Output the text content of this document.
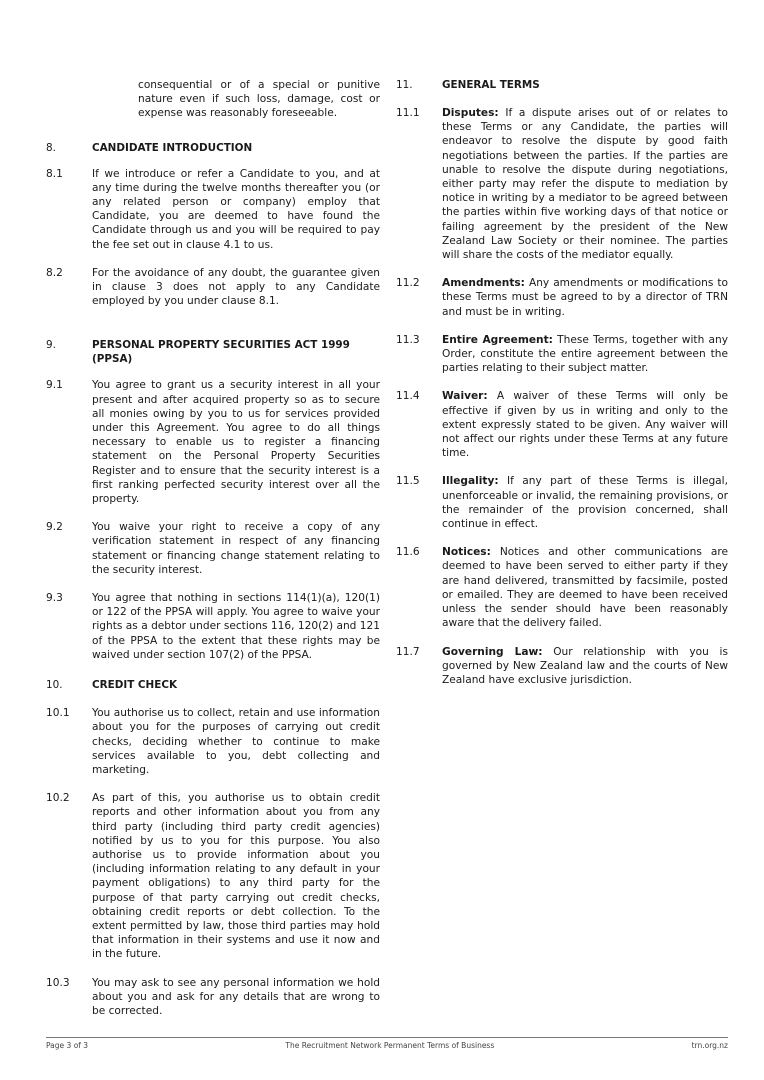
consequential or of a special or punitive nature even if such loss, damage, cost or expense was reasonably foreseeable.
8.	CANDIDATE INTRODUCTION
8.1	If we introduce or refer a Candidate to you, and at any time during the twelve months thereafter you (or any related person or company) employ that Candidate, you are deemed to have found the Candidate through us and you will be required to pay the fee set out in clause 4.1 to us.
8.2	For the avoidance of any doubt, the guarantee given in clause 3 does not apply to any Candidate employed by you under clause 8.1.
9.	PERSONAL PROPERTY SECURITIES ACT 1999 (PPSA)
9.1	You agree to grant us a security interest in all your present and after acquired property so as to secure all monies owing by you to us for services provided under this Agreement. You agree to do all things necessary to enable us to register a financing statement on the Personal Property Securities Register and to ensure that the security interest is a first ranking perfected security interest over all the property.
9.2	You waive your right to receive a copy of any verification statement in respect of any financing statement or financing change statement relating to the security interest.
9.3	You agree that nothing in sections 114(1)(a), 120(1) or 122 of the PPSA will apply. You agree to waive your rights as a debtor under sections 116, 120(2) and 121 of the PPSA to the extent that these rights may be waived under section 107(2) of the PPSA.
10.	CREDIT CHECK
10.1	You authorise us to collect, retain and use information about you for the purposes of carrying out credit checks, deciding whether to continue to make services available to you, debt collecting and marketing.
10.2	As part of this, you authorise us to obtain credit reports and other information about you from any third party (including third party credit agencies) notified by us to you for this purpose. You also authorise us to provide information about you (including information relating to any default in your payment obligations) to any third party for the purpose of that party carrying out credit checks, obtaining credit reports or debt collection. To the extent permitted by law, those third parties may hold that information in their systems and use it now and in the future.
10.3	You may ask to see any personal information we hold about you and ask for any details that are wrong to be corrected.
11.	GENERAL TERMS
11.1	Disputes: If a dispute arises out of or relates to these Terms or any Candidate, the parties will endeavor to resolve the dispute by good faith negotiations between the parties. If the parties are unable to resolve the dispute during negotiations, either party may refer the dispute to mediation by notice in writing by a mediator to be agreed between the parties within five working days of that notice or failing agreement by the president of the New Zealand Law Society or their nominee. The parties will share the costs of the mediator equally.
11.2	Amendments: Any amendments or modifications to these Terms must be agreed to by a director of TRN and must be in writing.
11.3	Entire Agreement: These Terms, together with any Order, constitute the entire agreement between the parties relating to their subject matter.
11.4	Waiver: A waiver of these Terms will only be effective if given by us in writing and only to the extent expressly stated to be given. Any waiver will not affect our rights under these Terms at any future time.
11.5	Illegality: If any part of these Terms is illegal, unenforceable or invalid, the remaining provisions, or the remainder of the provision concerned, shall continue in effect.
11.6	Notices: Notices and other communications are deemed to have been served to either party if they are hand delivered, transmitted by facsimile, posted or emailed. They are deemed to have been received unless the sender should have been reasonably aware that the delivery failed.
11.7	Governing Law: Our relationship with you is governed by New Zealand law and the courts of New Zealand have exclusive jurisdiction.
Page 3 of 3	The Recruitment Network Permanent Terms of Business	trn.org.nz
